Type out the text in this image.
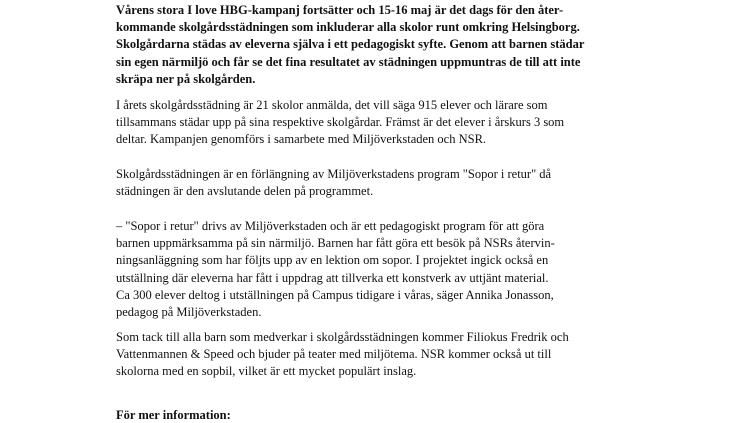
Vårens stora I love HBG-kampanj fortsätter och 15-16 maj är det dags för den åter-
kommande skolgårdsstädningen som inkluderar alla skolor runt omkring Helsingborg.
Skolgårdarna städas av eleverna själva i ett pedagogiskt syfte. Genom att barnen städar
sin egen närmiljö och får se det fina resultatet av städningen uppmuntras de till att inte
skräpa ner på skolgården.

I årets skolgårdsstädning är 21 skolor anmälda, det vill säga 915 elever och lärare som
tillsammans städar upp på sina respektive skolgårdar. Främst är det elever i årskurs 3 som
deltar. Kampanjen genomförs i samarbete med Miljöverkstaden och NSR.

Skolgårdsstädningen är en förlängning av Miljöverkstadens program "Sopor i retur" då
städningen är den avslutande delen på programmet.

– "Sopor i retur" drivs av Miljöverkstaden och är ett pedagogiskt program för att göra
barnen uppmärksamma på sin närmiljö. Barnen har fått göra ett besök på NSRs återvin-
ningsanläggning som har följts upp av en lektion om sopor. I projektet ingick också en
utställning där eleverna har fått i uppdrag att tillverka ett konstverk av uttjänt material.
Ca 300 elever deltog i utställningen på Campus tidigare i våras, säger Annika Jonasson,
pedagog på Miljöverkstaden.

Som tack till alla barn som medverkar i skolgårdsstädningen kommer Filiokus Fredrik och
Vattenmannen & Speed och bjuder på teater med miljötema. NSR kommer också ut till
skolorna med en sopbil, vilket är ett mycket populärt inslag.

För mer information:
